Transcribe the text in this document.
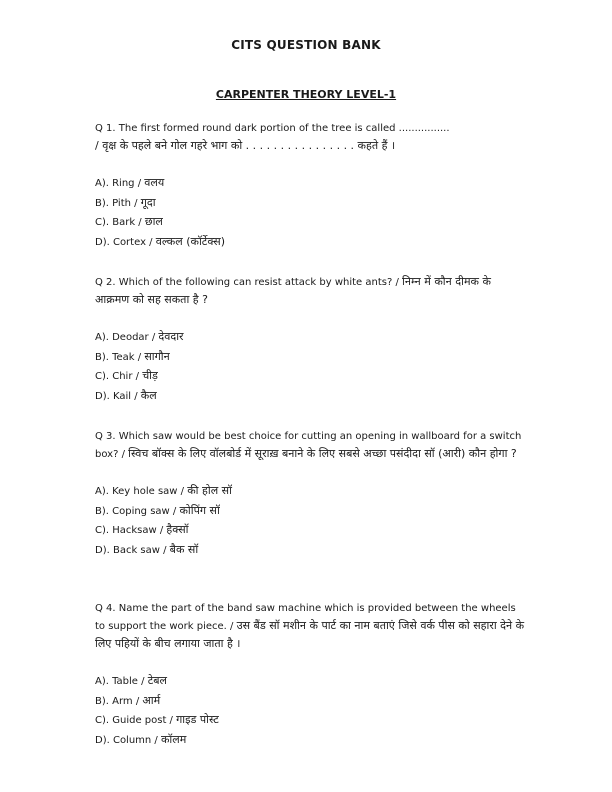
CITS QUESTION BANK
CARPENTER THEORY LEVEL-1

Q 1. The first formed round dark portion of the tree is called ................
/ वृक्ष के पहले बने गोल गहरे भाग को . . . . . . . . . . . . . . . . कहते हैं ।

A). Ring / वलय
B). Pith / गूदा
C). Bark / छाल
D). Cortex / वल्कल (कॉर्टेक्स)

Q 2. Which of the following can resist attack by white ants? / निम्न में कौन दीमक के आक्रमण को सह सकता है ?

A). Deodar / देवदार
B). Teak / सागौन
C). Chir / चीड़
D). Kail / कैल

Q 3. Which saw would be best choice for cutting an opening in wallboard for a switch box? / स्विच बॉक्स के लिए वॉलबोर्ड में सूराख़ बनाने के लिए सबसे अच्छा पसंदीदा सॉ (आरी) कौन होगा ?

A). Key hole saw / की होल सॉ
B). Coping saw / कोपिंग सॉ
C). Hacksaw / हैक्सॉ
D). Back saw / बैक सॉ

Q 4. Name the part of the band saw machine which is provided between the wheels to support the work piece. / उस बैंड सॉ मशीन के पार्ट का नाम बताएं जिसे वर्क पीस को सहारा देने के लिए पहियों के बीच लगाया जाता है ।

A). Table / टेबल
B). Arm / आर्म
C). Guide post / गाइड पोस्ट
D). Column / कॉलम
